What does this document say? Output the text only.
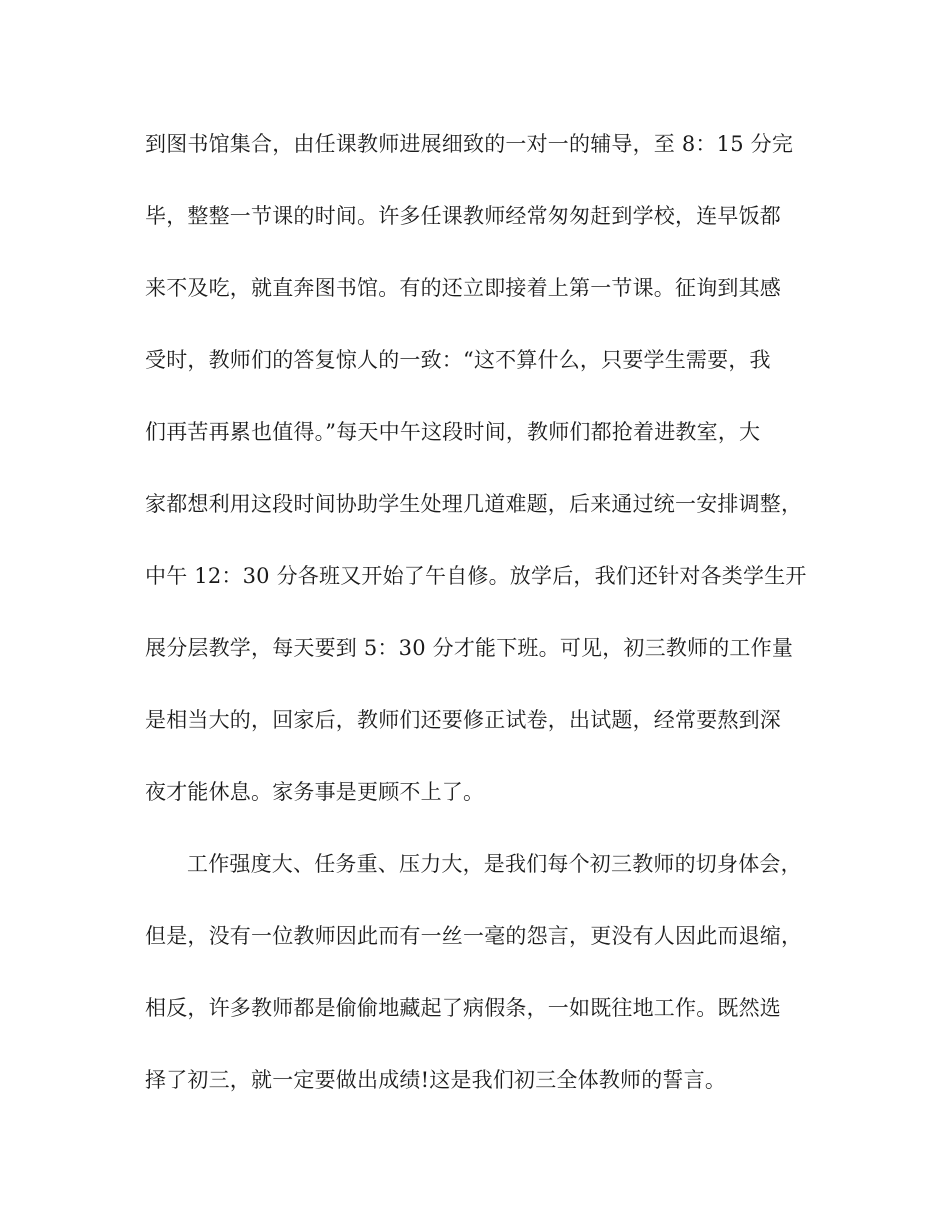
到图书馆集合，由任课教师进展细致的一对一的辅导，至 8：15 分完
毕，整整一节课的时间。许多任课教师经常匆匆赶到学校，连早饭都
来不及吃，就直奔图书馆。有的还立即接着上第一节课。征询到其感
受时，教师们的答复惊人的一致：“这不算什么，只要学生需要，我
们再苦再累也值得。”每天中午这段时间，教师们都抢着进教室，大
家都想利用这段时间协助学生处理几道难题，后来通过统一安排调整，
中午 12：30 分各班又开始了午自修。放学后，我们还针对各类学生开
展分层教学，每天要到 5：30 分才能下班。可见，初三教师的工作量
是相当大的，回家后，教师们还要修正试卷，出试题，经常要熬到深
夜才能休息。家务事是更顾不上了。
工作强度大、任务重、压力大，是我们每个初三教师的切身体会，
但是，没有一位教师因此而有一丝一毫的怨言，更没有人因此而退缩，
相反，许多教师都是偷偷地藏起了病假条，一如既往地工作。既然选
择了初三，就一定要做出成绩!这是我们初三全体教师的誓言。
